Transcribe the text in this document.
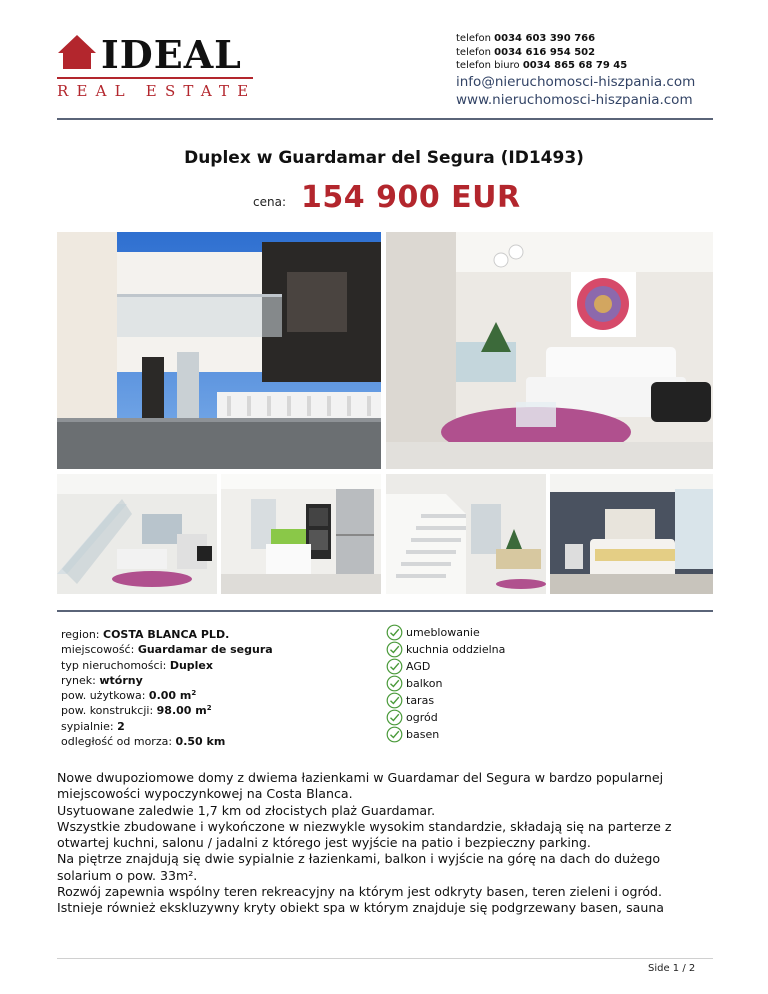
IDEAL
REAL ESTATE
telefon 0034 603 390 766
telefon 0034 616 954 502
telefon biuro 0034 865 68 79 45
info@nieruchomosci-hiszpania.com
www.nieruchomosci-hiszpania.com
Duplex w Guardamar del Segura (ID1493)
cena: 154 900 EUR
region: COSTA BLANCA PLD.
miejscowość: Guardamar de segura
typ nieruchomości: Duplex
rynek: wtórny
pow. użytkowa: 0.00 $m^2$
pow. konstrukcji: 98.00 $m^2$
sypialnie: 2
odległość od morza: 0.50 km
umeblowanie
kuchnia oddzielna
AGD
balkon
taras
ogród
basen

Nowe dwupoziomowe domy z dwiema łazienkami w Guardamar del Segura w bardzo popularnej miejscowości wypoczynkowej na Costa Blanca.

Usytuowane zaledwie 1,7 km od złocistych plaż Guardamar.

Wszystkie zbudowane i wykończone w niezwykle wysokim standardzie, składają się na parterze z otwartej kuchni, salonu / jadalni z którego jest wyjście na patio i bezpieczny parking.

Na piętrze znajdują się dwie sypialnie z łazienkami, balkon i wyjście na górę na dach do dużego solarium o pow. 33m².

Rozwój zapewnia wspólny teren rekreacyjny na którym jest odkryty basen, teren zieleni i ogród.

Istnieje również ekskluzywny kryty obiekt spa w którym znajduje się podgrzewany basen, sauna

Side 1 / 2
